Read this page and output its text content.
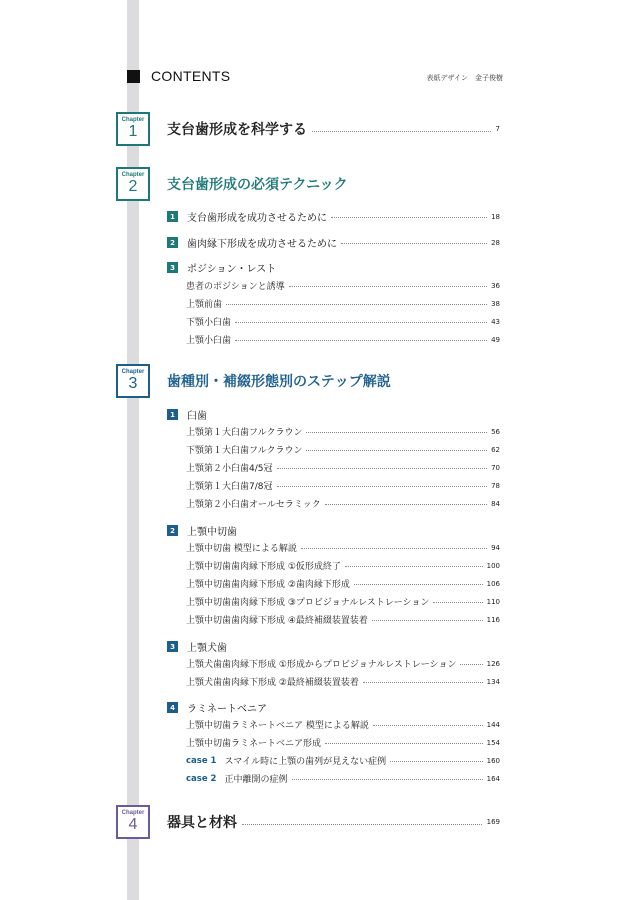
CONTENTS	表紙デザイン　金子俊樹
Chapter
1	支台歯形成を科学する	7
Chapter
2	支台歯形成の必須テクニック
1	支台歯形成を成功させるために	18
2	歯肉縁下形成を成功させるために	28
3	ポジション・レスト
患者のポジションと誘導	36
上顎前歯	38
下顎小臼歯	43
上顎小臼歯	49
Chapter
3	歯種別・補綴形態別のステップ解説
1	臼歯
上顎第１大臼歯フルクラウン	56
下顎第１大臼歯フルクラウン	62
上顎第２小臼歯4/5冠	70
上顎第１大臼歯7/8冠	78
上顎第２小臼歯オールセラミック	84
2	上顎中切歯
上顎中切歯 模型による解説	94
上顎中切歯歯肉縁下形成 ①仮形成終了	100
上顎中切歯歯肉縁下形成 ②歯肉縁下形成	106
上顎中切歯歯肉縁下形成 ③プロビジョナルレストレーション	110
上顎中切歯歯肉縁下形成 ④最終補綴装置装着	116
3	上顎犬歯
上顎犬歯歯肉縁下形成 ①形成からプロビジョナルレストレーション	126
上顎犬歯歯肉縁下形成 ②最終補綴装置装着	134
4	ラミネートベニア
上顎中切歯ラミネートベニア 模型による解説	144
上顎中切歯ラミネートベニア形成	154
case 1 スマイル時に上顎の歯列が見えない症例	160
case 2 正中離開の症例	164
Chapter
4	器具と材料	169
